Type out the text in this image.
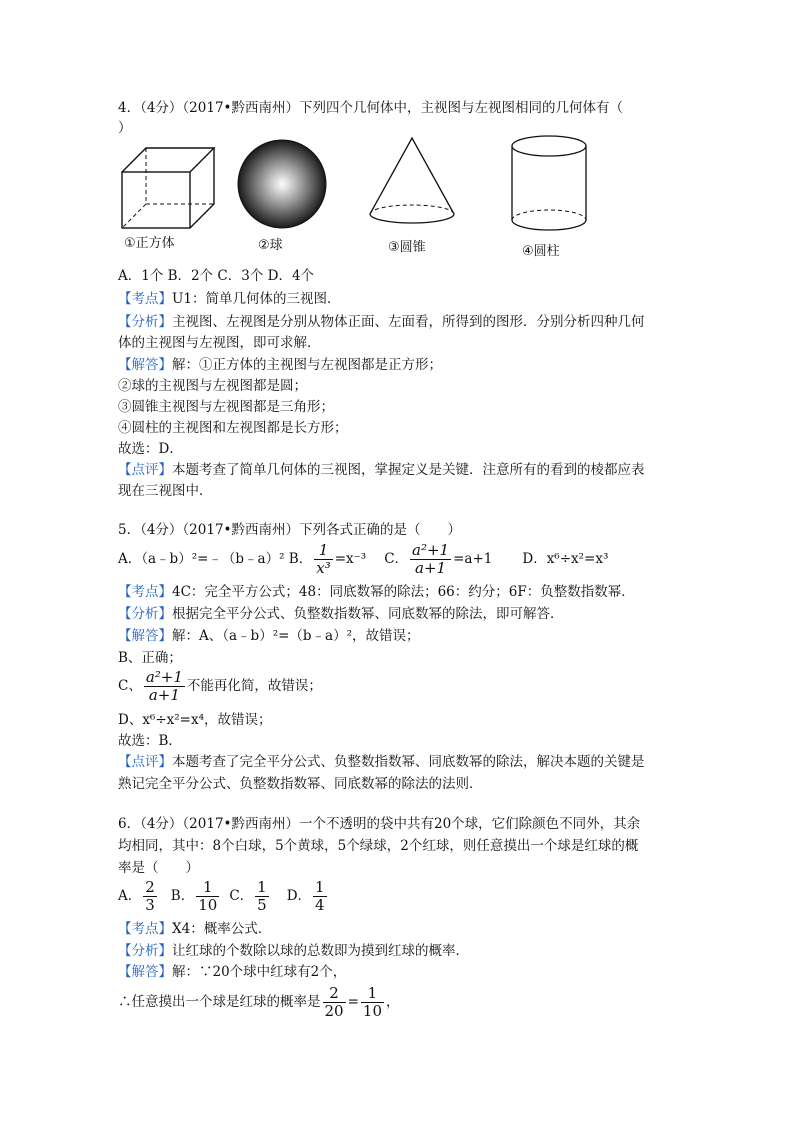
4．（4分）（2017•黔西南州）下列四个几何体中，主视图与左视图相同的几何体有（
）
①正方体	②球	③圆锥	④圆柱
A．1个 B．2个 C．3个 D．4个
【考点】U1：简单几何体的三视图．
【分析】主视图、左视图是分别从物体正面、左面看，所得到的图形．分别分析四种几何
体的主视图与左视图，即可求解．
【解答】解：①正方体的主视图与左视图都是正方形；
②球的主视图与左视图都是圆；
③圆锥主视图与左视图都是三角形；
④圆柱的主视图和左视图都是长方形；
故选：D．
【点评】本题考查了简单几何体的三视图，掌握定义是关键．注意所有的看到的棱都应表
现在三视图中．
5．（4分）（2017•黔西南州）下列各式正确的是（　　）
A．（a﹣b）²=﹣（b﹣a）² B． $\frac{1}{\text{x³}} =x^{-3}$ C． $\frac{\text{a²+1}}{a+1} =a+1$ D．x⁶÷x²=x³
【考点】4C：完全平方公式；48：同底数幂的除法；66：约分；6F：负整数指数幂．
【分析】根据完全平分公式、负整数指数幂、同底数幂的除法，即可解答．
【解答】解：A、（a﹣b）²=（b﹣a）²，故错误；
B、正确；
C、 $\frac{\text{a²+1}}{a+1}$ 不能再化简，故错误；
D、x⁶÷x²=x⁴，故错误；
故选：B．
【点评】本题考查了完全平分公式、负整数指数幂、同底数幂的除法，解决本题的关键是
熟记完全平分公式、负整数指数幂、同底数幂的除法的法则．
6．（4分）（2017•黔西南州）一个不透明的袋中共有20个球，它们除颜色不同外，其余
均相同，其中：8个白球，5个黄球，5个绿球，2个红球，则任意摸出一个球是红球的概
率是（　　）
A． $\frac{2}{3}$ B． $\frac{1}{10}$ C． $\frac{1}{5}$ D． $\frac{1}{4}$
【考点】X4：概率公式．
【分析】让红球的个数除以球的总数即为摸到红球的概率．
【解答】解：∵20个球中红球有2个，
∴任意摸出一个球是红球的概率是 $\frac{2}{20} = \frac{1}{10}$ ，
